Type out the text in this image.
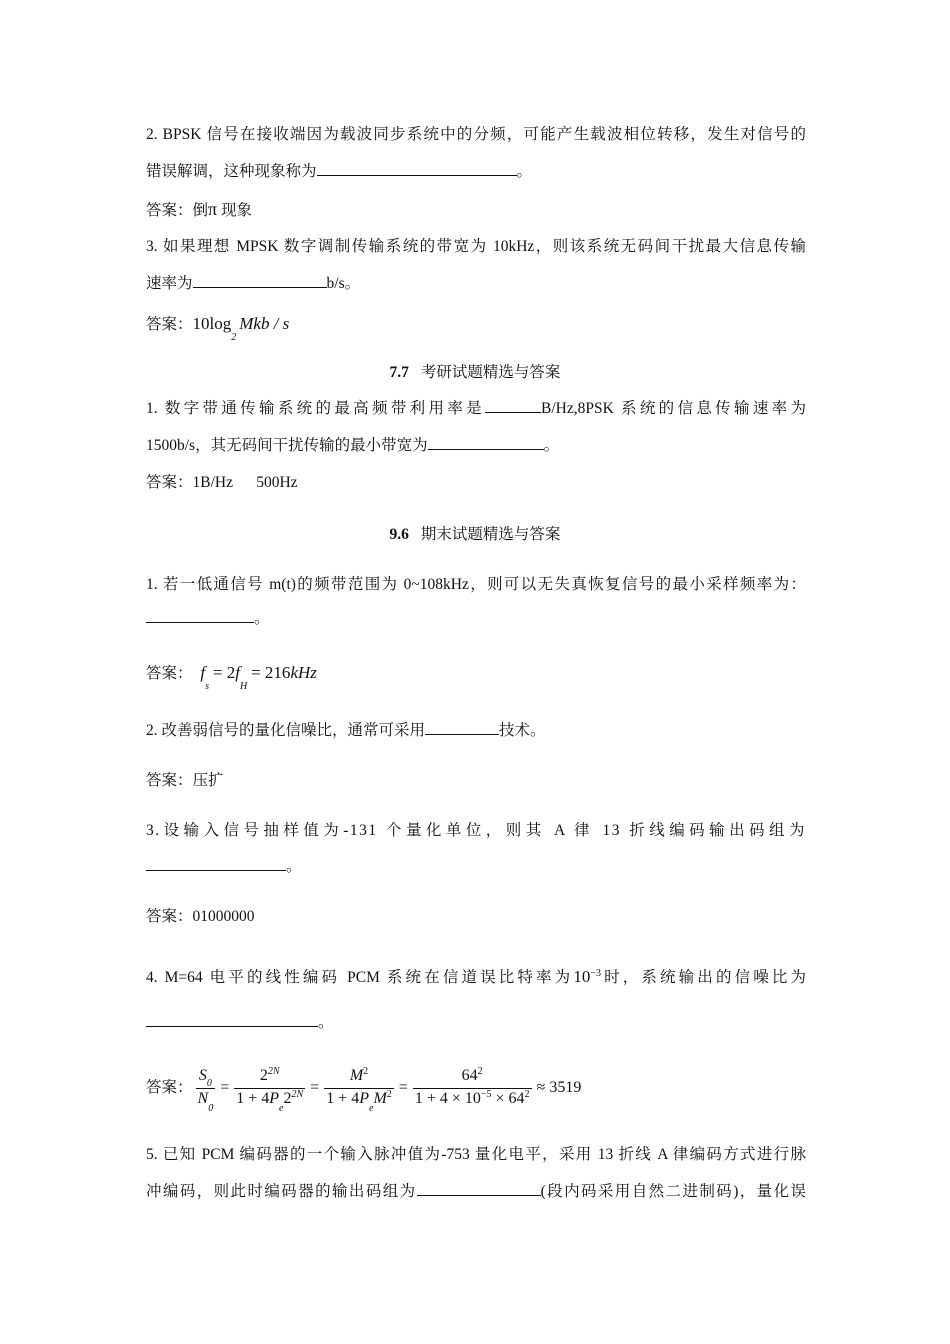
2. BPSK 信号在接收端因为载波同步系统中的分频，可能产生载波相位转移，发生对信号的
错误解调，这种现象称为	。
答案：倒π 现象
3. 如果理想 MPSK 数字调制传输系统的带宽为 10kHz，则该系统无码间干扰最大信息传输
速率为	b/s。
答案：$10\log_2Mkb$ / s
7.7 考研试题精选与答案
1. 数字带通传输系统的最高频带利用率是	B/Hz,8PSK 系统的信息传输速率为
1500b/s，其无码间干扰传输的最小带宽为	。
答案：1B/Hz      500Hz
9.6 期末试题精选与答案
1. 若一低通信号 m(t)的频带范围为 0~108kHz，则可以无失真恢复信号的最小采样频率为：
。
答案： $f_s = 2f_H = 216kHz$
2. 改善弱信号的量化信噪比，通常可采用	技术。
答案：压扩
3.设输入信号抽样值为-131 个量化单位，则其 A 律 13 折线编码输出码组为
。
答案：01000000
4. M=64 电平的线性编码 PCM 系统在信道误比特率为$10^{-3}$时，系统输出的信噪比为
。
答案： $\frac{S_0}{N_0} = \frac{2^{2N}}{1 + 4P_e2^{2N}} = \frac{M^2}{1 + 4P_eM^2} = \frac{64^2}{1 + 4 \times 10^{-5} \times 64^2} \approx 3519$
5. 已知 PCM 编码器的一个输入脉冲值为-753 量化电平，采用 13 折线 A 律编码方式进行脉
冲编码，则此时编码器的输出码组为	(段内码采用自然二进制码)，量化误
